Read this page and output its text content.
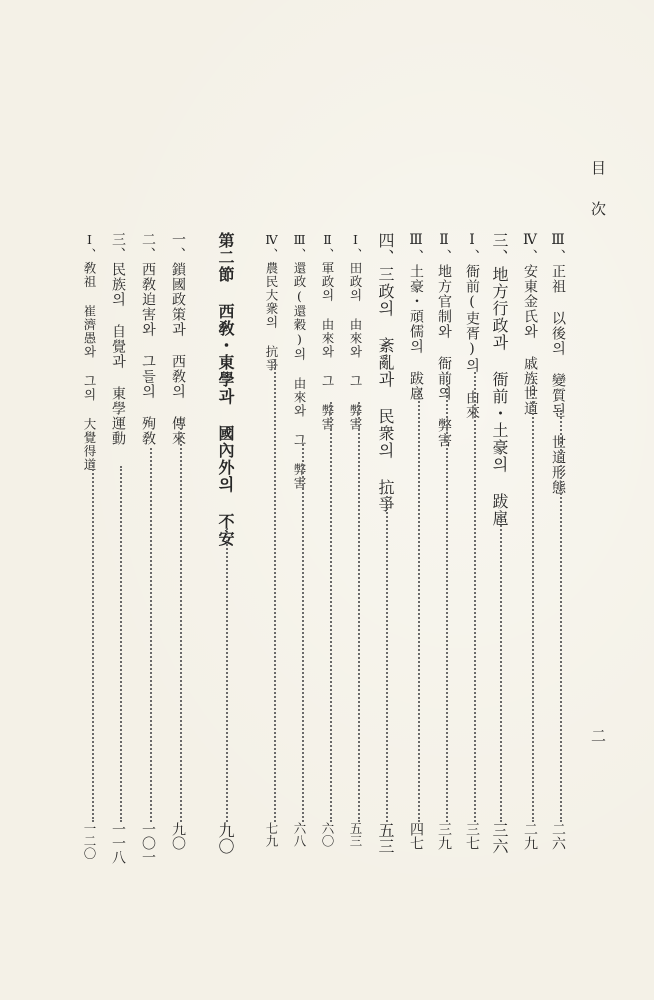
目次
二
Ⅲ、正祖 以後의 變質된 世道形態
二六
Ⅳ、安東金氏와 戚族世道
二九
三、地方行政과 衙前・土豪의 跋扈
三六
Ⅰ、衙前(吏胥)의 由來
三七
Ⅱ、地方官制와 衙前의 弊害
三九
Ⅲ、土豪・頑儒의 跋扈
四七
四、三政의 紊亂과 民衆의 抗爭
五三
Ⅰ、田政의 由來와 그 弊害
五三
Ⅱ、軍政의 由來와 그 弊害
六〇
Ⅲ、還政(還穀)의 由來와 그 弊害
六八
Ⅳ、農民大衆의 抗爭
七九
第二節 西敎・東學과 國內外의 不安
九〇
一、鎖國政策과 西敎의 傳來
九〇
二、西敎迫害와 그들의 殉敎
一〇一
三、民族의 自覺과 東學運動
一一八
Ⅰ、敎祖 崔濟愚와 그의 大覺得道
一二〇
